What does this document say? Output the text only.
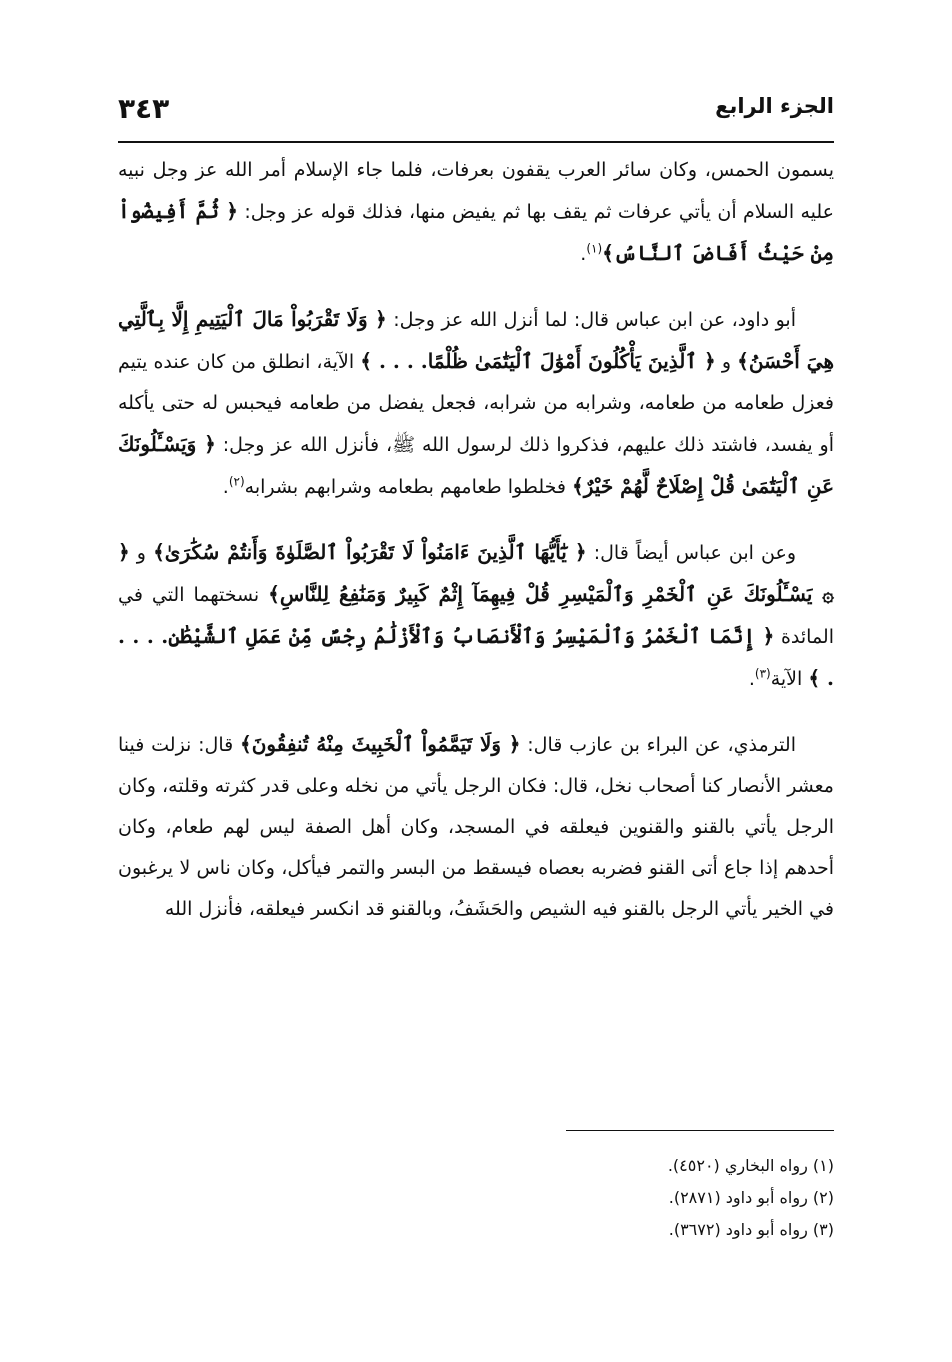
الجزء الرابع
٣٤٣

يسمون الحمس، وكان سائر العرب يقفون بعرفات، فلما جاء الإسلام أمر الله عز وجل نبيه عليه السلام أن يأتي عرفات ثم يقف بها ثم يفيض منها، فذلك قوله عز وجل: ﴿ ثُمَّ أَفِيضُواْ مِنْ حَيْثُ أَفَاضَ ٱلنَّاسُ﴾$^{(١)}$.

أبو داود، عن ابن عباس قال: لما أنزل الله عز وجل: ﴿ وَلَا تَقْرَبُواْ مَالَ ٱلْيَتِيمِ إِلَّا بِٱلَّتِي هِيَ أَحْسَنُ﴾ و ﴿ ٱلَّذِينَ يَأْكُلُونَ أَمْوَٰلَ ٱلْيَتَٰمَىٰ ظُلْمًا. . . . ﴾ الآية، انطلق من كان عنده يتيم فعزل طعامه من طعامه، وشرابه من شرابه، فجعل يفضل من طعامه فيحبس له حتى يأكله أو يفسد، فاشتد ذلك عليهم، فذكروا ذلك لرسول الله ﷺ، فأنزل الله عز وجل: ﴿ وَيَسْـَٔلُونَكَ عَنِ ٱلْيَتَٰمَىٰ قُلْ إِصْلَاحٌ لَّهُمْ خَيْرٌ﴾ فخلطوا طعامهم بطعامه وشرابهم بشرابه$^{(٢)}$.

وعن ابن عباس أيضاً قال: ﴿ يَٰٓأَيُّهَا ٱلَّذِينَ ءَامَنُواْ لَا تَقْرَبُواْ ٱلصَّلَوٰةَ وَأَنتُمْ سُكَٰرَىٰ﴾ و ﴿ ۞ يَسْـَٔلُونَكَ عَنِ ٱلْخَمْرِ وَٱلْمَيْسِرِ قُلْ فِيهِمَآ إِثْمٌ كَبِيرٌ وَمَنَٰفِعُ لِلنَّاسِ﴾ نسختهما التي في المائدة ﴿ إِنَّمَا ٱلْخَمْرُ وَٱلْمَيْسِرُ وَٱلْأَنصَابُ وَٱلْأَزْلَٰمُ رِجْسٌ مِّنْ عَمَلِ ٱلشَّيْطَٰنِ. . . . . ﴾ الآية$^{(٣)}$.

الترمذي، عن البراء بن عازب قال: ﴿ وَلَا تَيَمَّمُواْ ٱلْخَبِيثَ مِنْهُ تُنفِقُونَ﴾ قال: نزلت فينا معشر الأنصار كنا أصحاب نخل، قال: فكان الرجل يأتي من نخله وعلى قدر كثرته وقلته، وكان الرجل يأتي بالقنو والقنوين فيعلقه في المسجد، وكان أهل الصفة ليس لهم طعام، وكان أحدهم إذا جاع أتى القنو فضربه بعصاه فيسقط من البسر والتمر فيأكل، وكان ناس لا يرغبون في الخير يأتي الرجل بالقنو فيه الشيص والحَشَفُ، وبالقنو قد انكسر فيعلقه، فأنزل الله

(١) رواه البخاري (٤٥٢٠).
(٢) رواه أبو داود (٢٨٧١).
(٣) رواه أبو داود (٣٦٧٢).
